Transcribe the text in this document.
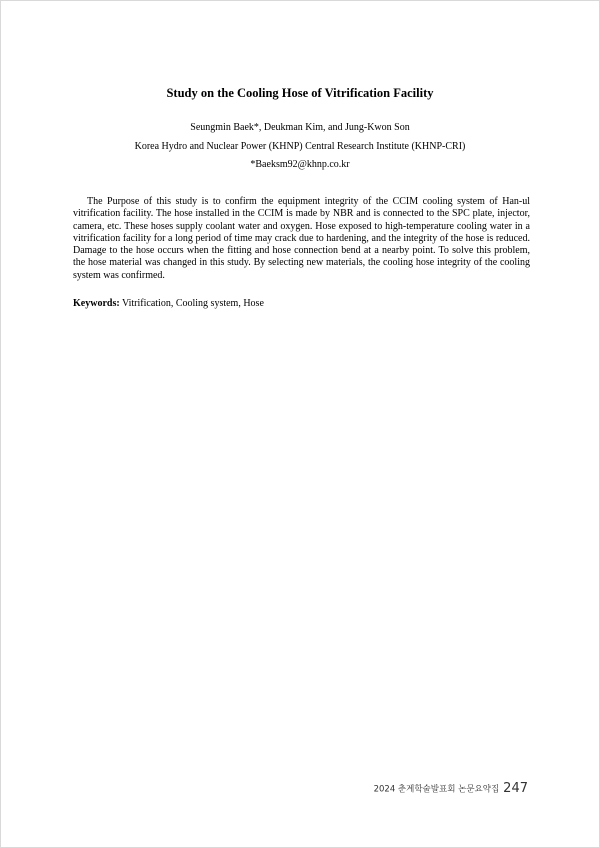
Study on the Cooling Hose of Vitrification Facility
Seungmin Baek*, Deukman Kim, and Jung-Kwon Son
Korea Hydro and Nuclear Power (KHNP) Central Research Institute (KHNP-CRI)
*Baeksm92@khnp.co.kr

The Purpose of this study is to confirm the equipment integrity of the CCIM cooling system of Han-ul vitrification facility. The hose installed in the CCIM is made by NBR and is connected to the SPC plate, injector, camera, etc. These hoses supply coolant water and oxygen. Hose exposed to high-temperature cooling water in a vitrification facility for a long period of time may crack due to hardening, and the integrity of the hose is reduced. Damage to the hose occurs when the fitting and hose connection bend at a nearby point. To solve this problem, the hose material was changed in this study. By selecting new materials, the cooling hose integrity of the cooling system was confirmed.

Keywords: Vitrification, Cooling system, Hose

2024 춘계학술발표회 논문요약집 247
